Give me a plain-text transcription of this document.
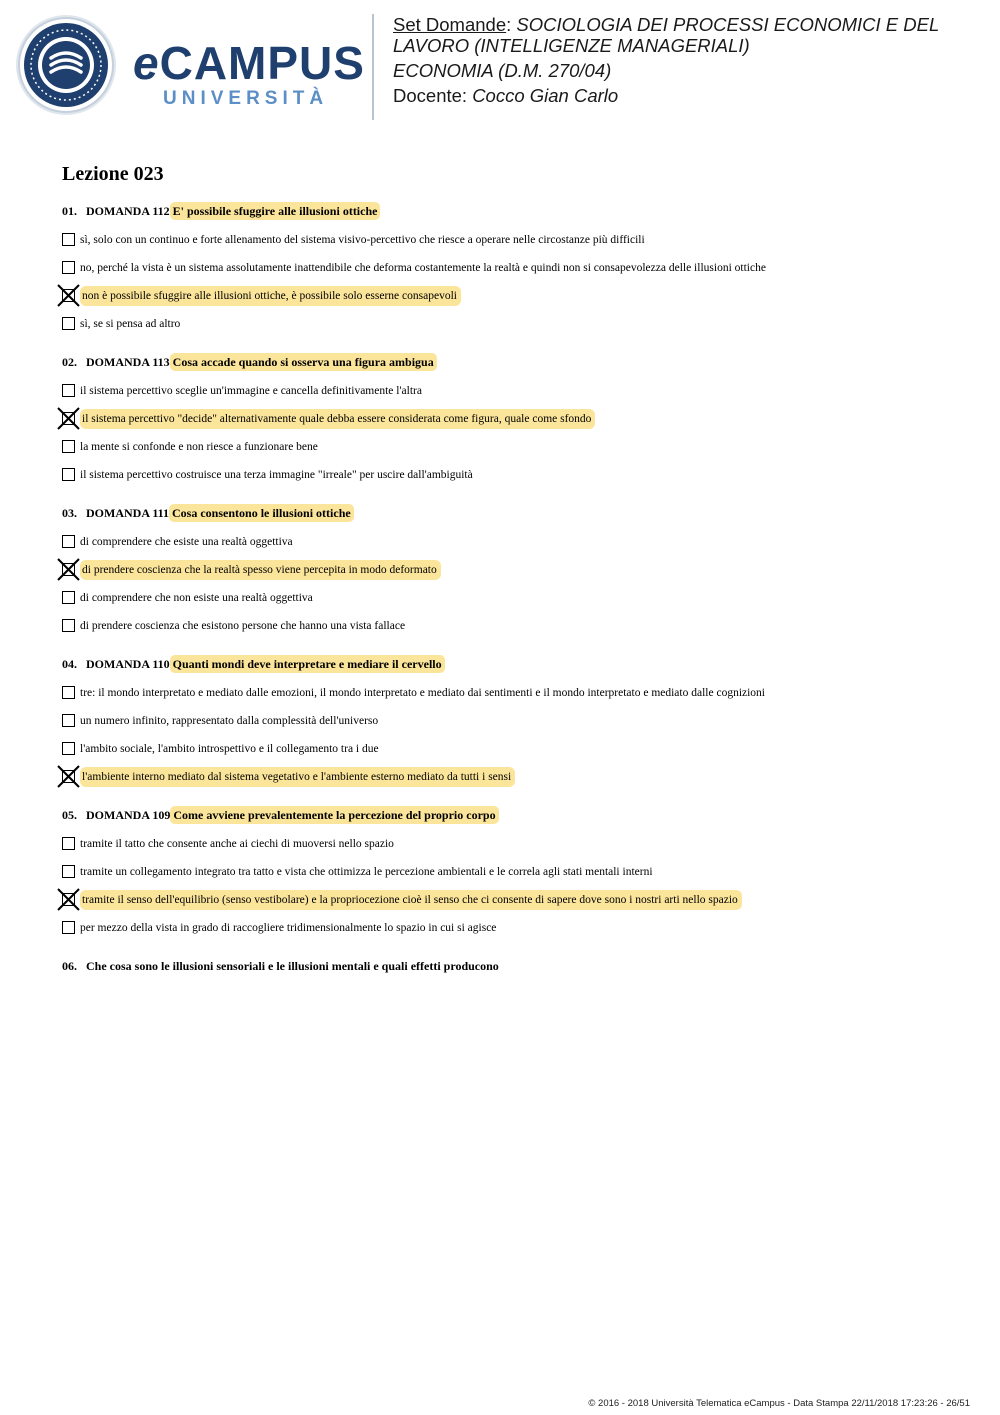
eCAMPUS
UNIVERSITÀ

Set Domande: SOCIOLOGIA DEI PROCESSI ECONOMICI E DEL

LAVORO (INTELLIGENZE MANAGERIALI)

ECONOMIA (D.M. 270/04)

Docente: Cocco Gian Carlo

Lezione 023
01. DOMANDA 112 E' possibile sfuggire alle illusioni ottiche
sì, solo con un continuo e forte allenamento del sistema visivo-percettivo che riesce a operare nelle circostanze più difficili
no, perché la vista è un sistema assolutamente inattendibile che deforma costantemente la realtà e quindi non si consapevolezza delle illusioni ottiche
non è possibile sfuggire alle illusioni ottiche, è possibile solo esserne consapevoli
sì, se si pensa ad altro
02. DOMANDA 113 Cosa accade quando si osserva una figura ambigua
il sistema percettivo sceglie un'immagine e cancella definitivamente l'altra
il sistema percettivo "decide" alternativamente quale debba essere considerata come figura, quale come sfondo
la mente si confonde e non riesce a funzionare bene
il sistema percettivo costruisce una terza immagine "irreale" per uscire dall'ambiguità
03. DOMANDA 111 Cosa consentono le illusioni ottiche
di comprendere che esiste una realtà oggettiva
di prendere coscienza che la realtà spesso viene percepita in modo deformato
di comprendere che non esiste una realtà oggettiva
di prendere coscienza che esistono persone che hanno una vista fallace
04. DOMANDA 110 Quanti mondi deve interpretare e mediare il cervello
tre: il mondo interpretato e mediato dalle emozioni, il mondo interpretato e mediato dai sentimenti e il mondo interpretato e mediato dalle cognizioni
un numero infinito, rappresentato dalla complessità dell'universo
l'ambito sociale, l'ambito introspettivo e il collegamento tra i due
l'ambiente interno mediato dal sistema vegetativo e l'ambiente esterno mediato da tutti i sensi
05. DOMANDA 109 Come avviene prevalentemente la percezione del proprio corpo
tramite il tatto che consente anche ai ciechi di muoversi nello spazio
tramite un collegamento integrato tra tatto e vista che ottimizza le percezione ambientali e le correla agli stati mentali interni
tramite il senso dell'equilibrio (senso vestibolare) e la propriocezione cioè il senso che ci consente di sapere dove sono i nostri arti nello spazio
per mezzo della vista in grado di raccogliere tridimensionalmente lo spazio in cui si agisce
06. Che cosa sono le illusioni sensoriali e le illusioni mentali e quali effetti producono
© 2016 - 2018 Università Telematica eCampus - Data Stampa 22/11/2018 17:23:26 - 26/51
